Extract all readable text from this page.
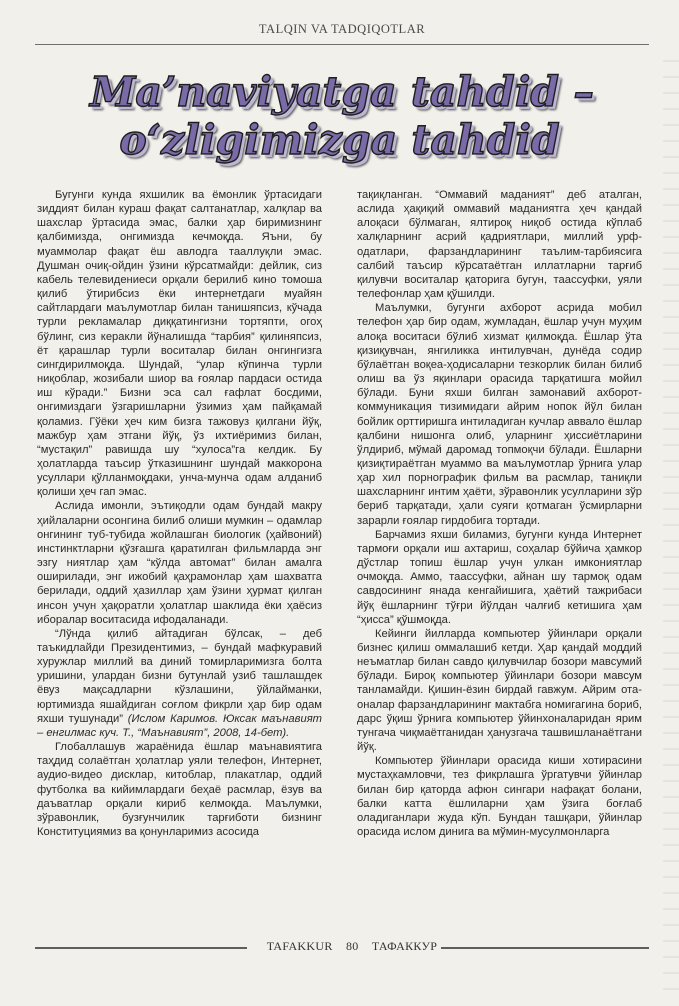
TALQIN VA TADQIQOTLAR
Ma’naviyatga tahdid –
o‘zligimizga tahdid

Бугунги кунда яхшилик ва ёмонлик ўртасидаги зиддият билан кураш фақат салтанатлар, халқлар ва шахслар ўртасида эмас, балки ҳар биримизнинг қалбимизда, онгимизда кечмоқда. Яъни, бу муаммолар фақат ёш авлодга тааллуқли эмас. Душман очиқ-ойдин ўзини кўрсатмайди: дейлик, сиз кабель телевидениеси орқали берилиб кино томоша қилиб ўтирибсиз ёки интернетдаги муайян сайтлардаги маълумотлар билан танишяпсиз, кўчада турли рекламалар диққатингизни тортяпти, огоҳ бўлинг, сиз керакли йўналишда “тарбия” қилиняпсиз, ёт қарашлар турли воситалар билан онгингизга сингдирилмоқда. Шундай, “улар кўпинча турли ниқоблар, жозибали шиор ва ғоялар пардаси остида иш кўради.” Бизни эса сал ғафлат босдими, онгимиздаги ўзгаришларни ўзимиз ҳам пайқамай қоламиз. Гўёки ҳеч ким бизга тажовуз қилгани йўқ, мажбур ҳам этгани йўқ, ўз ихтиёримиз билан, “мустақил” равишда шу “хулоса”га келдик. Бу ҳолатларда таъсир ўтказишнинг шундай маккорона усуллари қўлланмоқдаки, унча-мунча одам алданиб қолиши ҳеч гап эмас.

Аслида имонли, эътиқодли одам бундай макру ҳийлаларни осонгина билиб олиши мумкин – одамлар онгининг туб-тубида жойлашган биологик (ҳайвоний) инстинктларни қўзғашга қаратилган фильмларда энг эзгу ниятлар ҳам “кўлда автомат” билан амалга оширилади, энг ижобий қаҳрамонлар ҳам шахватга берилади, оддий ҳазиллар ҳам ўзини ҳурмат қилган инсон учун ҳақоратли ҳолатлар шаклида ёки ҳаёсиз иборалар воситасида ифодаланади.

“Лўнда қилиб айтадиган бўлсак, – деб таъкидлайди Президентимиз, – бундай мафкуравий хуружлар миллий ва диний томирларимизга болта уришини, улардан бизни бутунлай узиб ташлашдек ёвуз мақсадларни кўзлашини, ўйлайманки, юртимизда яшайдиган соғлом фикрли ҳар бир одам яхши тушунади” (Ислом Каримов. Юксак маънавият – енгилмас куч. Т., “Маънавият”, 2008, 14-бет).

Глобаллашув жараёнида ёшлар маънавиятига таҳдид солаётган ҳолатлар уяли телефон, Интернет, аудио-видео дисклар, китоблар, плакатлар, оддий футболка ва кийимлардаги беҳаё расмлар, ёзув ва даъватлар орқали кириб келмоқда. Маълумки, зўравонлик, бузғунчилик тарғиботи бизнинг Конституциямиз ва қонунларимиз асосида

тақиқланган. “Оммавий маданият” деб аталган, аслида ҳақиқий оммавий маданиятга ҳеч қандай алоқаси бўлмаган, ялтироқ ниқоб остида кўплаб халқларнинг асрий қадриятлари, миллий урф-одатлари, фарзандларининг таълим-тарбиясига салбий таъсир кўрсатаётган иллатларни тарғиб қилувчи воситалар қаторига бугун, таассуфки, уяли телефонлар ҳам қўшилди.

Маълумки, бугунги ахборот асрида мобил телефон ҳар бир одам, жумладан, ёшлар учун муҳим алоқа воситаси бўлиб хизмат қилмоқда. Ёшлар ўта қизиқувчан, янгиликка интилувчан, дунёда содир бўлаётган воқеа-ҳодисаларни тезкорлик билан билиб олиш ва ўз яқинлари орасида тарқатишга мойил бўлади. Буни яхши билган замонавий ахборот-коммуникация тизимидаги айрим нопок йўл билан бойлик орттиришга интиладиган кучлар аввало ёшлар қалбини нишонга олиб, уларнинг ҳиссиётларини ўлдириб, мўмай даромад топмоқчи бўлади. Ёшларни қизиқтираётган муаммо ва маълумотлар ўрнига улар ҳар хил порнографик фильм ва расмлар, таниқли шахсларнинг интим ҳаёти, зўравонлик усулларини зўр бериб тарқатади, ҳали суяги қотмаган ўсмирларни зарарли ғоялар гирдобига тортади.

Барчамиз яхши биламиз, бугунги кунда Интернет тармоғи орқали иш ахтариш, соҳалар бўйича ҳамкор дўстлар топиш ёшлар учун улкан имкониятлар очмоқда. Аммо, таассуфки, айнан шу тармоқ одам савдосининг янада кенгайишига, ҳаётий тажрибаси йўқ ёшларнинг тўғри йўлдан чалғиб кетишига ҳам “ҳисса” қўшмоқда.

Кейинги йилларда компьютер ўйинлари орқали бизнес қилиш оммалашиб кетди. Ҳар қандай моддий неъматлар билан савдо қилувчилар бозори мавсумий бўлади. Бироқ компьютер ўйинлари бозори мавсум танламайди. Қишин-ёзин бирдай гавжум. Айрим ота-оналар фарзандларининг мактабга номигагина бориб, дарс ўқиш ўрнига компьютер ўйинхоналаридан ярим тунгача чиқмаётганидан ҳанузгача ташвишланаётгани йўқ.

Компьютер ўйинлари орасида киши хотирасини мустаҳкамловчи, тез фикрлашга ўргатувчи ўйинлар билан бир қаторда афюн сингари нафақат болани, балки катта ёшлиларни ҳам ўзига боғлаб оладиганлари жуда кўп. Бундан ташқари, ўйинлар орасида ислом динига ва мўмин-мусулмонларга

TAFAKKUR 80 ТАФАККУР
